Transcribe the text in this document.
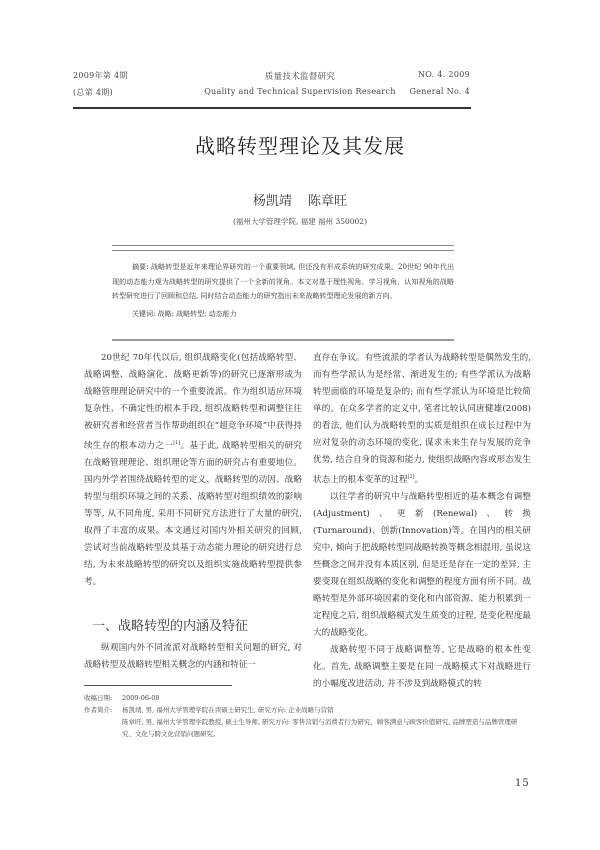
2009年第 4期
(总第 4期)
质量技术监督研究
Quality and Technical Supervision Research
NO. 4. 2009
General No. 4
战略转型理论及其发展
杨凯靖 陈章旺
(福州大学管理学院, 福建 福州 350002)
摘要: 战略转型是近年来理论界研究的一个重要领域, 但还没有形成系统的研究成果。20世纪 90年代出现的动态能力观为战略转型的研究提供了一个全新的视角。本文对基于理性视角、学习视角、认知视角的战略转型研究进行了回顾和总结, 同时结合动态能力的研究指出未来战略转型理论发展的新方向。
关键词: 战略; 战略转型; 动态能力

20世纪 70年代以后, 组织战略变化(包括战略转型、战略调整、战略演化、战略更新等)的研究已逐渐形成为战略管理理论研究中的一个重要流派。作为组织适应环境复杂性、不确定性的根本手段, 组织战略转型和调整往往被研究者和经营者当作帮助组织在“超竞争环境”中获得持续生存的根本动力之一[1]。基于此, 战略转型相关的研究在战略管理理论、组织理论等方面的研究占有重要地位。国内外学者围绕战略转型的定义、战略转型的动因、战略转型与组织环境之间的关系、战略转型对组织绩效的影响等等, 从不同角度, 采用不同研究方法进行了大量的研究, 取得了丰富的成果。本文通过对国内外相关研究的回顾, 尝试对当前战略转型及其基于动态能力理论的研究进行总结, 为未来战略转型的研究以及组织实施战略转型提供参考。

一、战略转型的内涵及特征

纵观国内外不同流派对战略转型相关问题的研究, 对战略转型及战略转型相关概念的内涵和特征一

直存在争议。有些流派的学者认为战略转型是偶然发生的, 而有些学派认为是经常、渐进发生的; 有些学派认为战略转型面临的环境是复杂的; 而有些学派认为环境是比较简单的。在众多学者的定义中, 笔者比较认同唐健雄(2008)的看法, 他们认为战略转型的实质是组织在成长过程中为应对复杂的动态环境的变化, 谋求未来生存与发展的竞争优势, 结合自身的资源和能力, 使组织战略内容或形态发生状态上的根本变革的过程[2]。

以往学者的研究中与战略转型相近的基本概念有调整(Adjustment)、更新(Renewal)、转换(Turnaround)、创新(Innovation)等。在国内的相关研究中, 倾向于把战略转型同战略转换等概念相混用, 虽说这些概念之间并没有本质区别, 但是还是存在一定的差异, 主要变现在组织战略的变化和调整的程度方面有所不同。战略转型是外部环境因素的变化和内部资源、能力积累到一定程度之后, 组织战略模式发生质变的过程, 是变化程度最大的战略变化。

战略转型不同于战略调整等, 它是战略的根本性变化。首先, 战略调整主要是在同一战略模式下对战略进行的小幅度改进活动, 并不涉及到战略模式的转

收稿日期:	2009-06-08
作者简介:	杨凯靖, 男, 福州大学管理学院在读硕士研究生, 研究方向: 企业战略与营销
陈章旺, 男, 福州大学管理学院教授, 硕士生导师, 研究方向: 零售营销与消费者行为研究、顾客满意与顾客价值研究, 品牌塑造与品牌管理研究、文化与跨文化营销问题研究。
15
